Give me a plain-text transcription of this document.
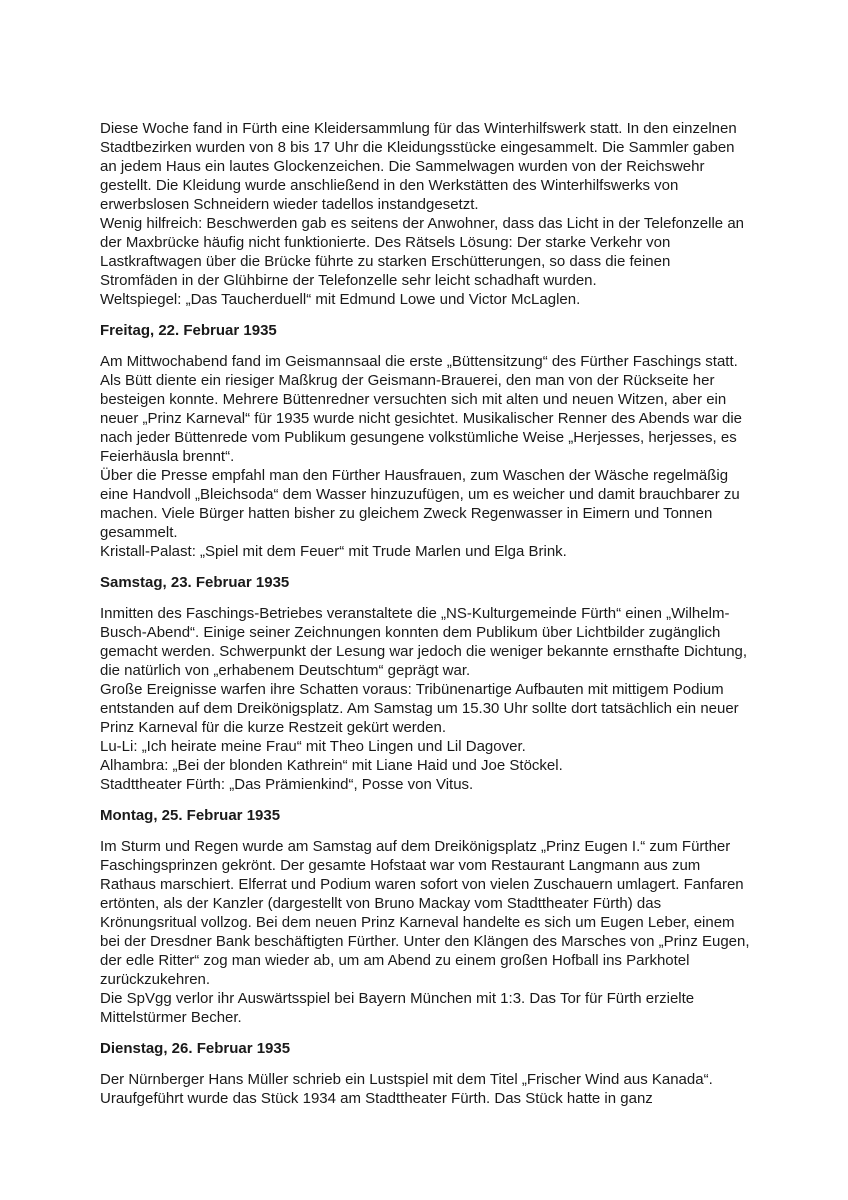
Diese Woche fand in Fürth eine Kleidersammlung für das Winterhilfswerk statt. In den einzelnen Stadtbezirken wurden von 8 bis 17 Uhr die Kleidungsstücke eingesammelt. Die Sammler gaben an jedem Haus ein lautes Glockenzeichen. Die Sammelwagen wurden von der Reichswehr gestellt. Die Kleidung wurde anschließend in den Werkstätten des Winterhilfswerks von erwerbslosen Schneidern wieder tadellos instandgesetzt.

Wenig hilfreich: Beschwerden gab es seitens der Anwohner, dass das Licht in der Telefonzelle an der Maxbrücke häufig nicht funktionierte. Des Rätsels Lösung: Der starke Verkehr von Lastkraftwagen über die Brücke führte zu starken Erschütterungen, so dass die feinen Stromfäden in der Glühbirne der Telefonzelle sehr leicht schadhaft wurden.

Weltspiegel: „Das Taucherduell“ mit Edmund Lowe und Victor McLaglen.

Freitag, 22. Februar 1935

Am Mittwochabend fand im Geismannsaal die erste „Büttensitzung“ des Fürther Faschings statt. Als Bütt diente ein riesiger Maßkrug der Geismann-Brauerei, den man von der Rückseite her besteigen konnte. Mehrere Büttenredner versuchten sich mit alten und neuen Witzen, aber ein neuer „Prinz Karneval“ für 1935 wurde nicht gesichtet. Musikalischer Renner des Abends war die nach jeder Büttenrede vom Publikum gesungene volkstümliche Weise „Herjesses, herjesses, es Feierhäusla brennt“.

Über die Presse empfahl man den Fürther Hausfrauen, zum Waschen der Wäsche regelmäßig eine Handvoll „Bleichsoda“ dem Wasser hinzuzufügen, um es weicher und damit brauchbarer zu machen. Viele Bürger hatten bisher zu gleichem Zweck Regenwasser in Eimern und Tonnen gesammelt.

Kristall-Palast: „Spiel mit dem Feuer“ mit Trude Marlen und Elga Brink.

Samstag, 23. Februar 1935

Inmitten des Faschings-Betriebes veranstaltete die „NS-Kulturgemeinde Fürth“ einen „Wilhelm-Busch-Abend“. Einige seiner Zeichnungen konnten dem Publikum über Lichtbilder zugänglich gemacht werden. Schwerpunkt der Lesung war jedoch die weniger bekannte ernsthafte Dichtung, die natürlich von „erhabenem Deutschtum“ geprägt war.

Große Ereignisse warfen ihre Schatten voraus: Tribünenartige Aufbauten mit mittigem Podium entstanden auf dem Dreikönigsplatz. Am Samstag um 15.30 Uhr sollte dort tatsächlich ein neuer Prinz Karneval für die kurze Restzeit gekürt werden.

Lu-Li: „Ich heirate meine Frau“ mit Theo Lingen und Lil Dagover.

Alhambra: „Bei der blonden Kathrein“ mit Liane Haid und Joe Stöckel.

Stadttheater Fürth: „Das Prämienkind“, Posse von Vitus.

Montag, 25. Februar 1935

Im Sturm und Regen wurde am Samstag auf dem Dreikönigsplatz „Prinz Eugen I.“ zum Fürther Faschingsprinzen gekrönt. Der gesamte Hofstaat war vom Restaurant Langmann aus zum Rathaus marschiert. Elferrat und Podium waren sofort von vielen Zuschauern umlagert. Fanfaren ertönten, als der Kanzler (dargestellt von Bruno Mackay vom Stadttheater Fürth) das Krönungsritual vollzog. Bei dem neuen Prinz Karneval handelte es sich um Eugen Leber, einem bei der Dresdner Bank beschäftigten Fürther. Unter den Klängen des Marsches von „Prinz Eugen, der edle Ritter“ zog man wieder ab, um am Abend zu einem großen Hofball ins Parkhotel zurückzukehren.

Die SpVgg verlor ihr Auswärtsspiel bei Bayern München mit 1:3. Das Tor für Fürth erzielte Mittelstürmer Becher.

Dienstag, 26. Februar 1935

Der Nürnberger Hans Müller schrieb ein Lustspiel mit dem Titel „Frischer Wind aus Kanada“. Uraufgeführt wurde das Stück 1934 am Stadttheater Fürth. Das Stück hatte in ganz
